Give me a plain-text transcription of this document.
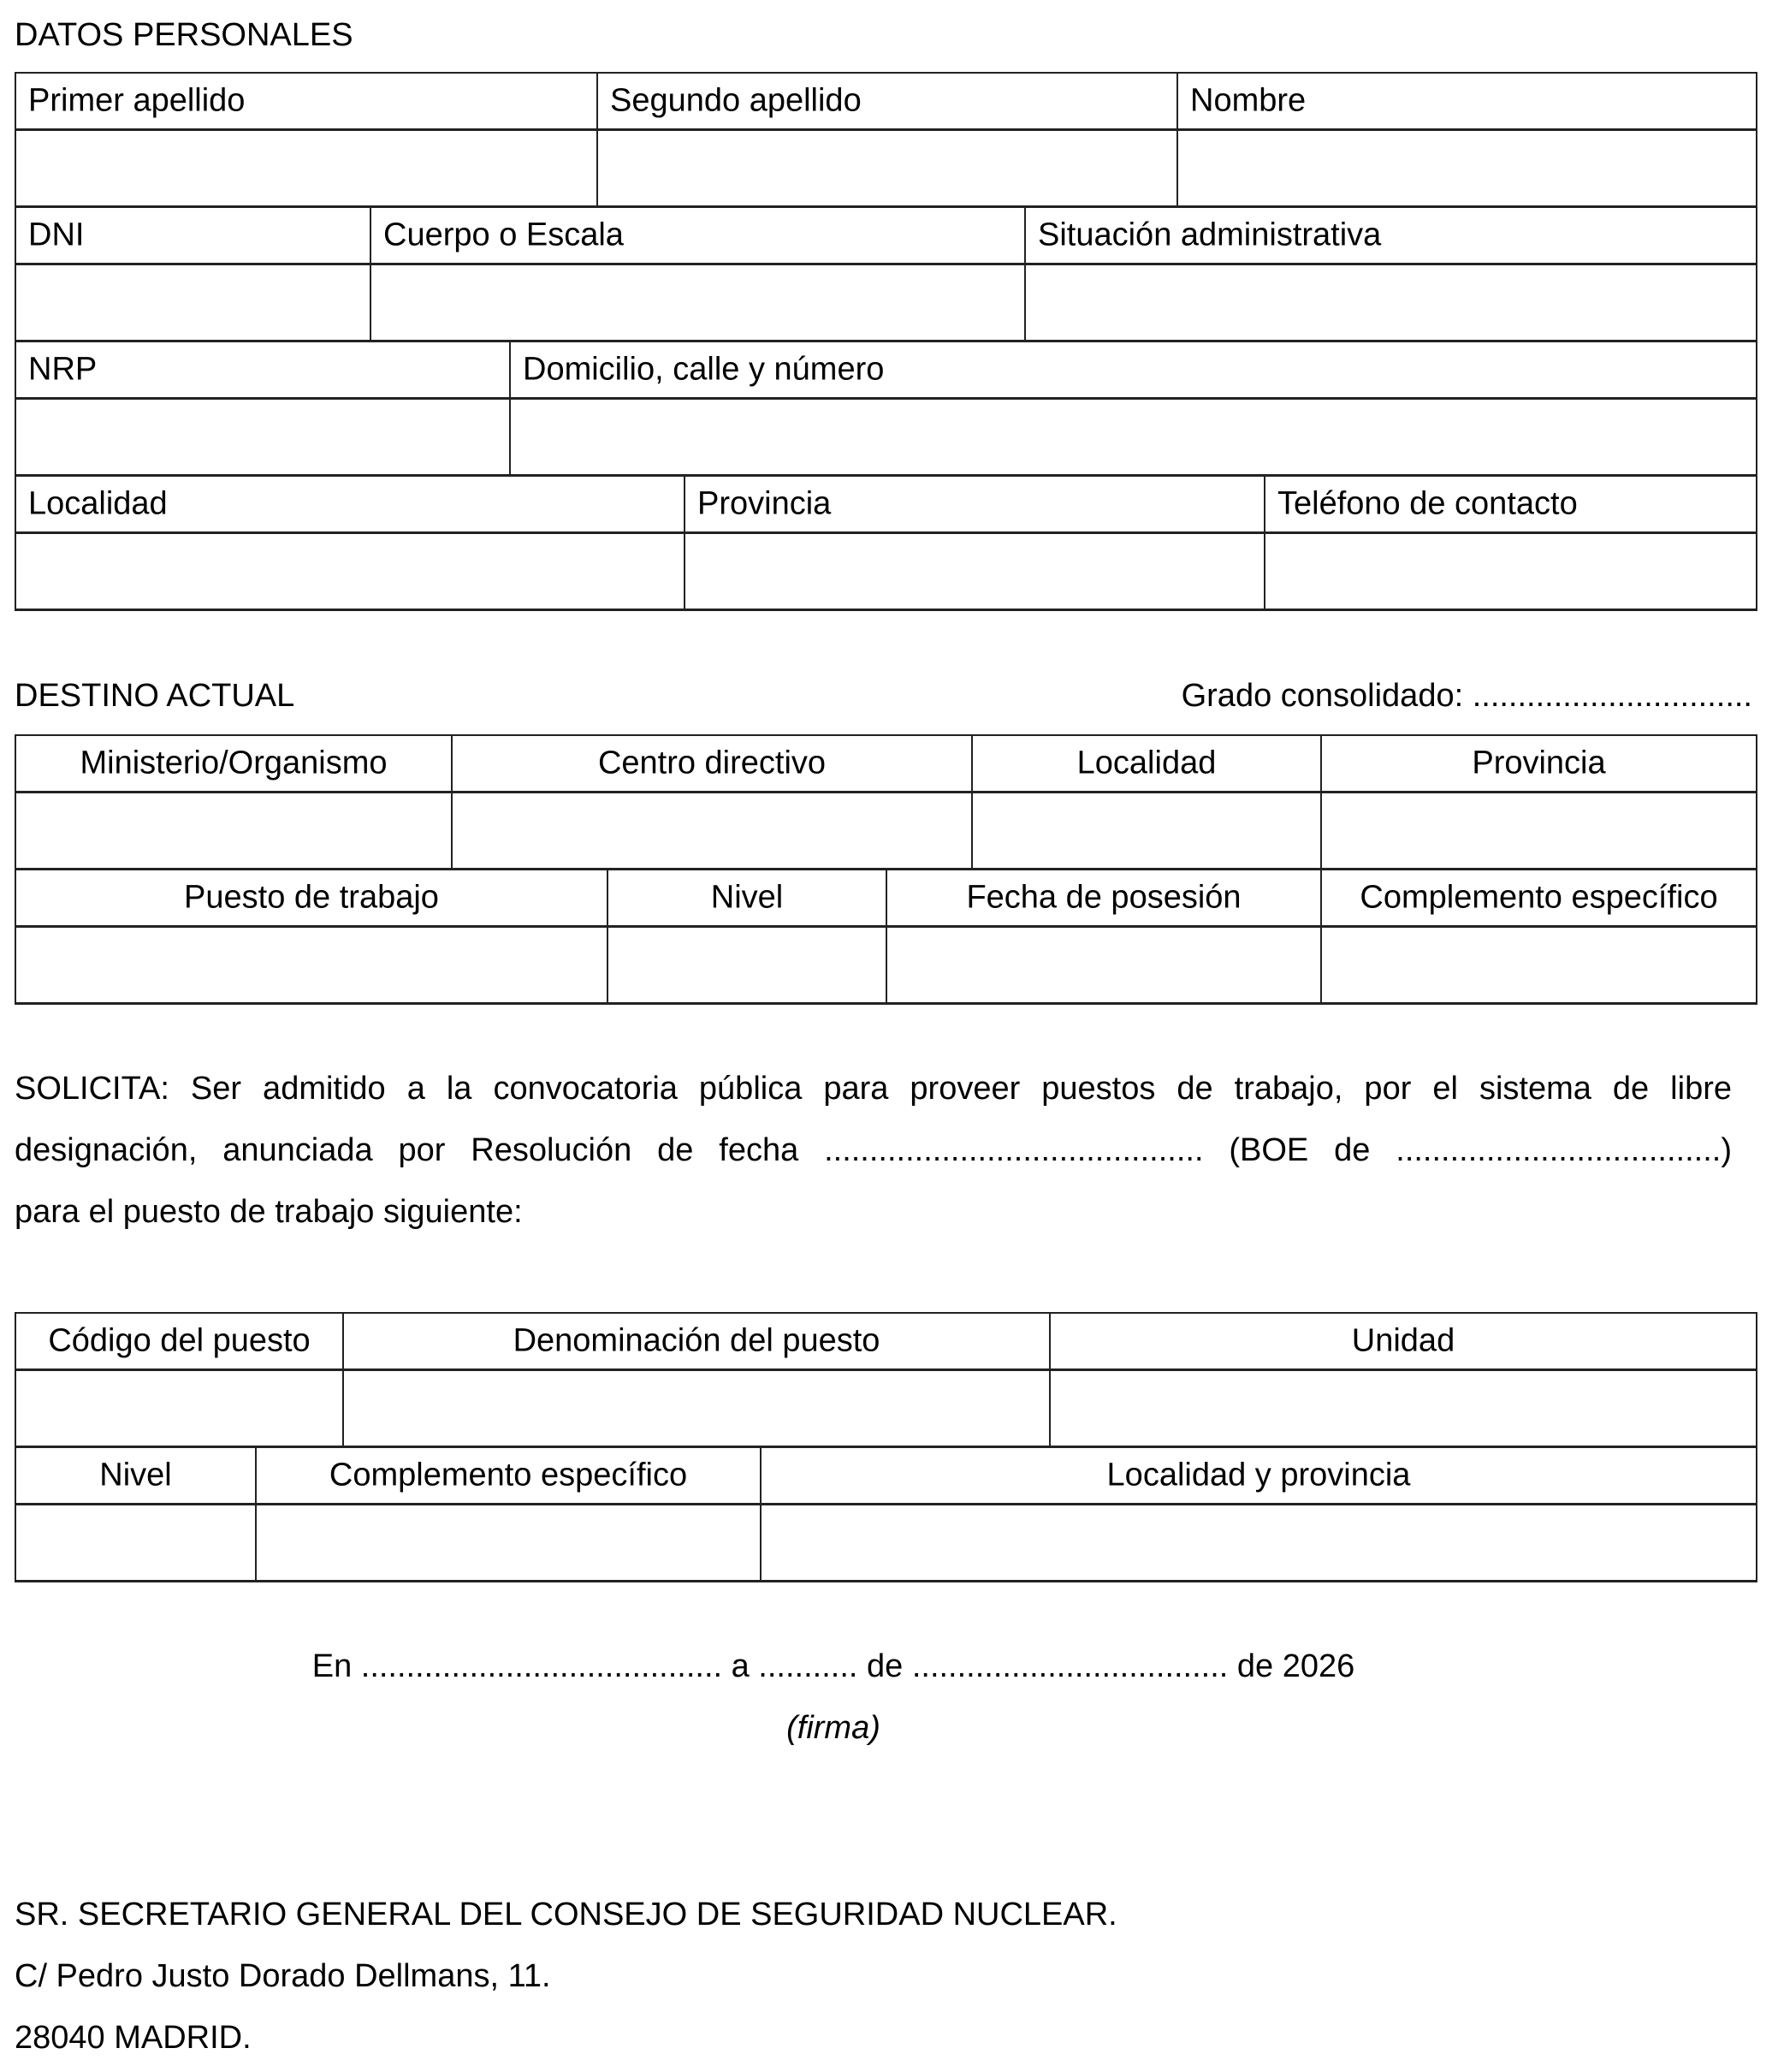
DATOS PERSONALES
Primer apellido	Segundo apellido	Nombre
DNI	Cuerpo o Escala	Situación administrativa
NRP	Domicilio, calle y número
Localidad	Provincia	Teléfono de contacto
DESTINO ACTUAL	Grado consolidado: ...............................
Ministerio/Organismo	Centro directivo	Localidad	Provincia
Puesto de trabajo	Nivel	Fecha de posesión	Complemento específico
SOLICITA: Ser admitido a la convocatoria pública para proveer puestos de trabajo, por el sistema de libre
designación, anunciada por Resolución de fecha .......................................... (BOE de ....................................)
para el puesto de trabajo siguiente:
Código del puesto	Denominación del puesto	Unidad
Nivel	Complemento específico	Localidad y provincia
En ........................................ a ........... de ................................... de 2026
(firma)
SR. SECRETARIO GENERAL DEL CONSEJO DE SEGURIDAD NUCLEAR.
C/ Pedro Justo Dorado Dellmans, 11.
28040 MADRID.
